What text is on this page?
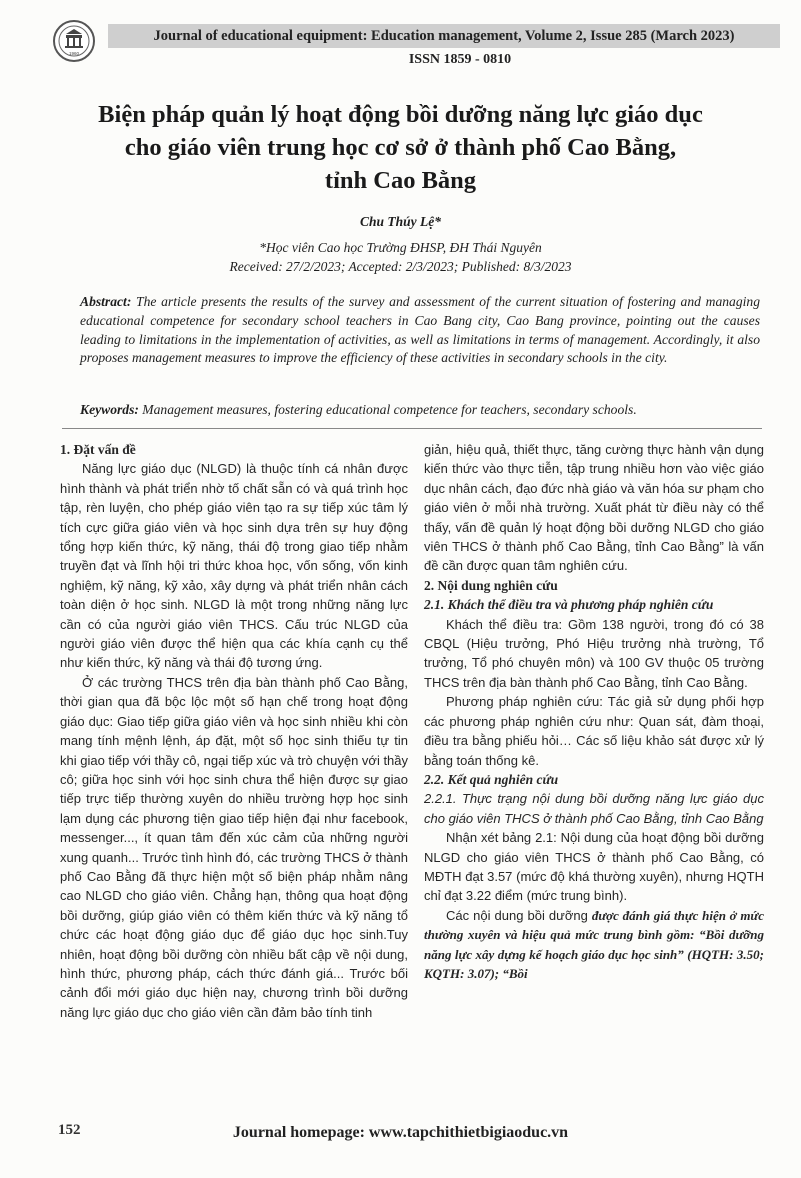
1960
Journal of educational equipment: Education management, Volume 2, Issue 285 (March 2023)
ISSN 1859 - 0810
Biện pháp quản lý hoạt động bồi dưỡng năng lực giáo dục
cho giáo viên trung học cơ sở ở thành phố Cao Bằng,
tỉnh Cao Bằng
Chu Thúy Lệ*
*Học viên Cao học Trường ĐHSP, ĐH Thái Nguyên
Received: 27/2/2023; Accepted: 2/3/2023; Published: 8/3/2023
Abstract: The article presents the results of the survey and assessment of the current situation of fostering and managing educational competence for secondary school teachers in Cao Bang city, Cao Bang province, pointing out the causes leading to limitations in the implementation of activities, as well as limitations in terms of management. Accordingly, it also proposes management measures to improve the efficiency of these activities in secondary schools in the city.
Keywords: Management measures, fostering educational competence for teachers, secondary schools.

1. Đặt vấn đề

Năng lực giáo dục (NLGD) là thuộc tính cá nhân được hình thành và phát triển nhờ tố chất sẵn có và quá trình học tập, rèn luyện, cho phép giáo viên tạo ra sự tiếp xúc tâm lý tích cực giữa giáo viên và học sinh dựa trên sự huy động tổng hợp kiến thức, kỹ năng, thái độ trong giao tiếp nhằm truyền đạt và lĩnh hội tri thức khoa học, vốn sống, vốn kinh nghiệm, kỹ năng, kỹ xảo, xây dựng và phát triển nhân cách toàn diện ở học sinh. NLGD là một trong những năng lực cần có của người giáo viên THCS. Cấu trúc NLGD của người giáo viên được thể hiện qua các khía cạnh cụ thể như kiến thức, kỹ năng và thái độ tương ứng.

Ở các trường THCS trên địa bàn thành phố Cao Bằng, thời gian qua đã bộc lộc một số hạn chế trong hoạt động giáo dục: Giao tiếp giữa giáo viên và học sinh nhiều khi còn mang tính mệnh lệnh, áp đặt, một số học sinh thiếu tự tin khi giao tiếp với thầy cô, ngại tiếp xúc và trò chuyện với thầy cô; giữa học sinh với học sinh chưa thể hiện được sự giao tiếp trực tiếp thường xuyên do nhiều trường hợp học sinh lạm dụng các phương tiện giao tiếp hiện đại như facebook, messenger..., ít quan tâm đến xúc cảm của những người xung quanh... Trước tình hình đó, các trường THCS ở thành phố Cao Bằng đã thực hiện một số biện pháp nhằm nâng cao NLGD cho giáo viên. Chẳng hạn, thông qua hoạt động bồi dưỡng, giúp giáo viên có thêm kiến thức và kỹ năng tổ chức các hoạt động giáo dục để giáo dục học sinh.Tuy nhiên, hoạt động bồi dưỡng còn nhiều bất cập về nội dung, hình thức, phương pháp, cách thức đánh giá... Trước bối cảnh đổi mới giáo dục hiện nay, chương trình bồi dưỡng năng lực giáo dục cho giáo viên cần đảm bảo tính tinh

giản, hiệu quả, thiết thực, tăng cường thực hành vận dụng kiến thức vào thực tiễn, tập trung nhiều hơn vào việc giáo dục nhân cách, đạo đức nhà giáo và văn hóa sư phạm cho giáo viên ở mỗi nhà trường. Xuất phát từ điều này có thể thấy, vấn đề quản lý hoạt động bồi dưỡng NLGD cho giáo viên THCS ở thành phố Cao Bằng, tỉnh Cao Bằng” là vấn đề cần được quan tâm nghiên cứu.

2. Nội dung nghiên cứu

2.1. Khách thể điều tra và phương pháp nghiên cứu

Khách thể điều tra: Gồm 138 người, trong đó có 38 CBQL (Hiệu trưởng, Phó Hiệu trưởng nhà trường, Tổ trưởng, Tổ phó chuyên môn) và 100 GV thuộc 05 trường THCS trên địa bàn thành phố Cao Bằng, tỉnh Cao Bằng.

Phương pháp nghiên cứu: Tác giả sử dụng phối hợp các phương pháp nghiên cứu như: Quan sát, đàm thoại, điều tra bằng phiếu hỏi… Các số liệu khảo sát được xử lý bằng toán thống kê.

2.2. Kết quả nghiên cứu

2.2.1. Thực trạng nội dung bồi dưỡng năng lực giáo dục cho giáo viên THCS ở thành phố Cao Bằng, tỉnh Cao Bằng

Nhận xét bảng 2.1: Nội dung của hoạt động bồi dưỡng NLGD cho giáo viên THCS ở thành phố Cao Bằng, có MĐTH đạt 3.57 (mức độ khá thường xuyên), nhưng HQTH chỉ đạt 3.22 điểm (mức trung bình).

Các nội dung bồi dưỡng được đánh giá thực hiện ở mức thường xuyên và hiệu quả mức trung bình gồm: “Bồi dưỡng năng lực xây dựng kế hoạch giáo dục học sinh” (HQTH: 3.50; KQTH: 3.07); “Bồi

152	Journal homepage: www.tapchithietbigiaoduc.vn
